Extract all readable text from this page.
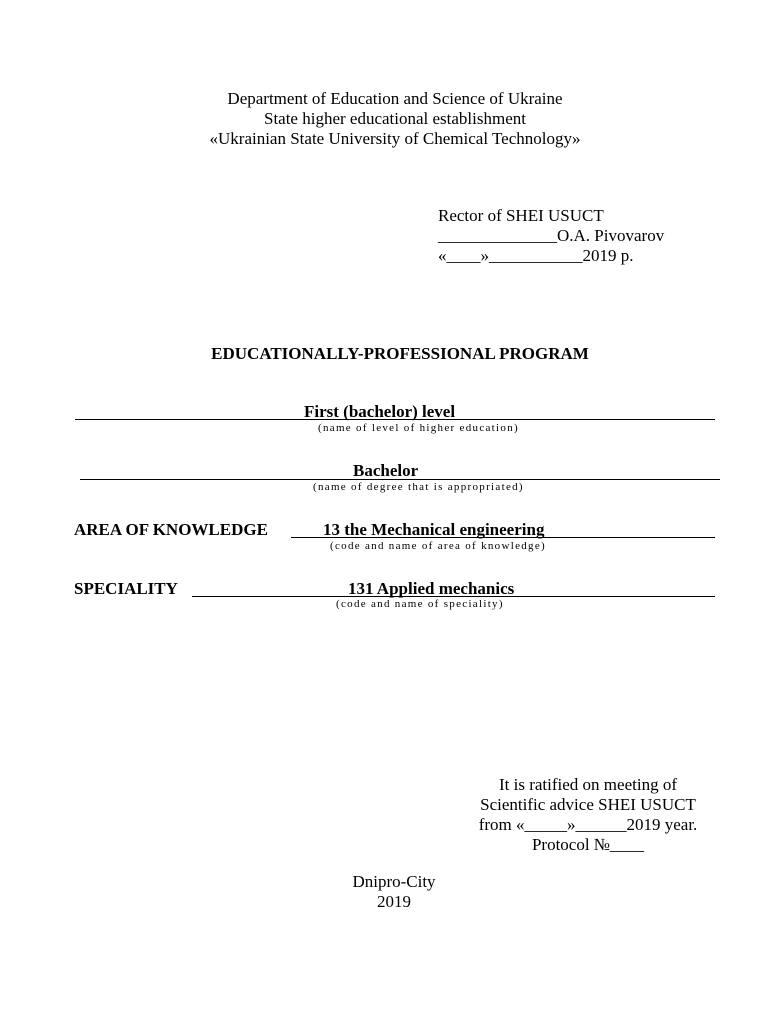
Department of Education and Science of Ukraine
State higher educational establishment
«Ukrainian State University of Chemical Technology»
Rector of SHEI USUCT
______________O.A. Pivovarov
«____»___________2019 р.
EDUCATIONALLY-PROFESSIONAL PROGRAM
First (bachelor) level
(name of level of higher education)
Bachelor
(name of degree that is appropriated)
AREA OF KNOWLEDGE	13 the Mechanical engineering
(code and name of area of knowledge)
SPECIALITY	131 Applied mechanics
(code and name of speciality)
It is ratified on meeting of
Scientific advice SHEI USUCT
from «_____»______2019 year.
Protocol №____
Dnipro-City
2019
